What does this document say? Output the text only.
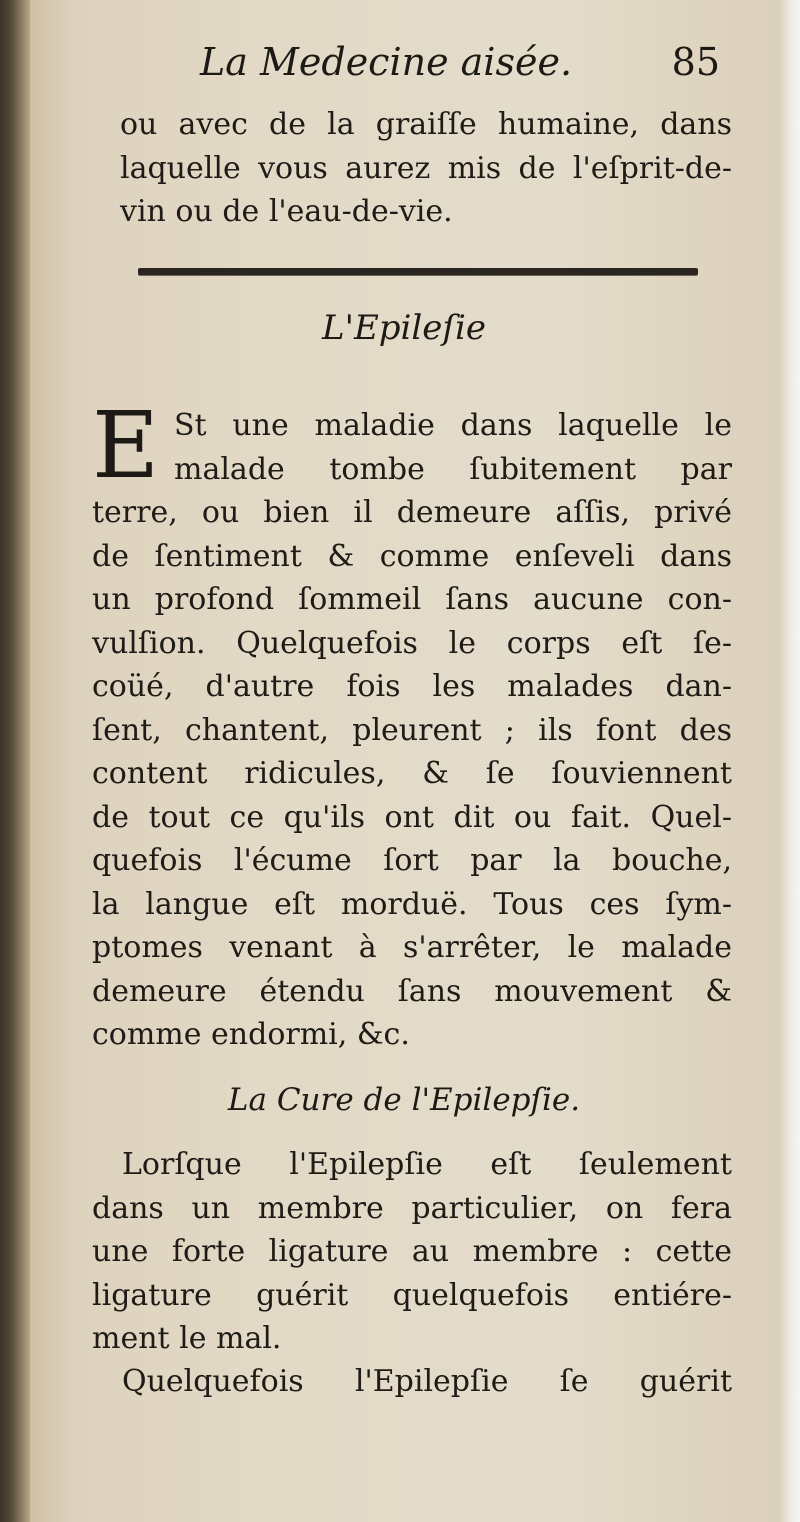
La Medecine aisée.	85
ou avec de la graiſſe humaine, dans
laquelle vous aurez mis de l'eſprit-de-
vin ou de l'eau-de-vie.
L'Epileſie
E St une maladie dans laquelle le
malade tombe ſubitement par
terre, ou bien il demeure aſſis, privé
de ſentiment & comme enſeveli dans
un profond ſommeil ſans aucune con-
vulſion. Quelquefois le corps eſt ſe-
coüé, d'autre fois les malades dan-
ſent, chantent, pleurent ; ils font des
content ridicules, & ſe ſouviennent
de tout ce qu'ils ont dit ou fait. Quel-
quefois l'écume ſort par la bouche,
la langue eſt morduë. Tous ces ſym-
ptomes venant à s'arrêter, le malade
demeure étendu ſans mouvement &
comme endormi, &c.
La Cure de l'Epilepſie.
Lorſque l'Epilepſie eſt ſeulement
dans un membre particulier, on fera
une forte ligature au membre : cette
ligature guérit quelquefois entiére-
ment le mal.
Quelquefois l'Epilepſie ſe guérit
